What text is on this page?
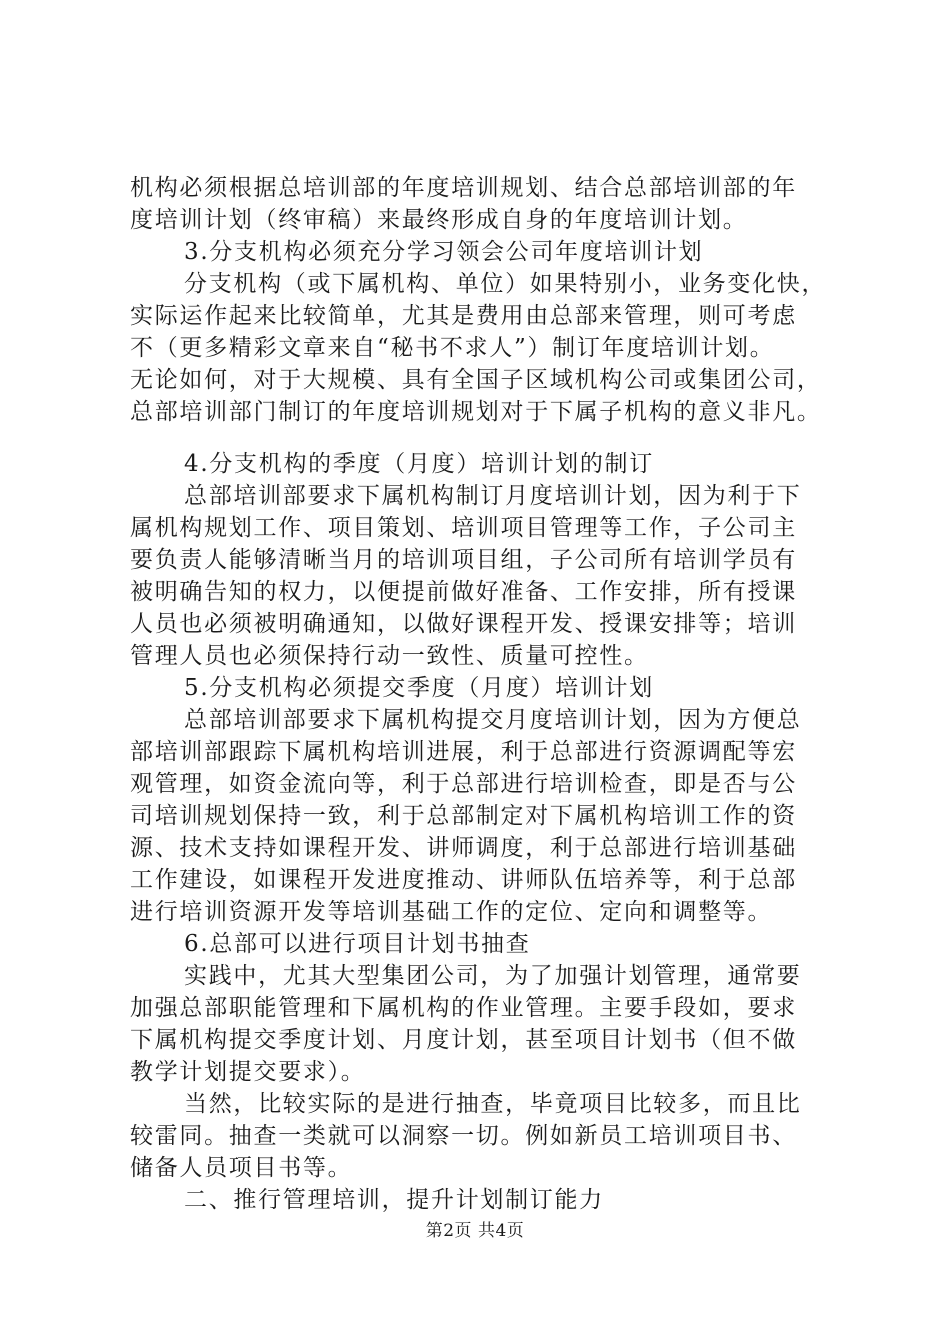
机构必须根据总培训部的年度培训规划、结合总部培训部的年
度培训计划（终审稿）来最终形成自身的年度培训计划。
3.分支机构必须充分学习领会公司年度培训计划
分支机构（或下属机构、单位）如果特别小，业务变化快，
实际运作起来比较简单，尤其是费用由总部来管理，则可考虑
不（更多精彩文章来自“秘书不求人”）制订年度培训计划。
无论如何，对于大规模、具有全国子区域机构公司或集团公司，
总部培训部门制订的年度培训规划对于下属子机构的意义非凡。
4.分支机构的季度（月度）培训计划的制订
总部培训部要求下属机构制订月度培训计划，因为利于下
属机构规划工作、项目策划、培训项目管理等工作，子公司主
要负责人能够清晰当月的培训项目组，子公司所有培训学员有
被明确告知的权力，以便提前做好准备、工作安排，所有授课
人员也必须被明确通知，以做好课程开发、授课安排等；培训
管理人员也必须保持行动一致性、质量可控性。
5.分支机构必须提交季度（月度）培训计划
总部培训部要求下属机构提交月度培训计划，因为方便总
部培训部跟踪下属机构培训进展，利于总部进行资源调配等宏
观管理，如资金流向等，利于总部进行培训检查，即是否与公
司培训规划保持一致，利于总部制定对下属机构培训工作的资
源、技术支持如课程开发、讲师调度，利于总部进行培训基础
工作建设，如课程开发进度推动、讲师队伍培养等，利于总部
进行培训资源开发等培训基础工作的定位、定向和调整等。
6.总部可以进行项目计划书抽查
实践中，尤其大型集团公司，为了加强计划管理，通常要
加强总部职能管理和下属机构的作业管理。主要手段如，要求
下属机构提交季度计划、月度计划，甚至项目计划书（但不做
教学计划提交要求）。
当然，比较实际的是进行抽查，毕竟项目比较多，而且比
较雷同。抽查一类就可以洞察一切。例如新员工培训项目书、
储备人员项目书等。
二、推行管理培训，提升计划制订能力
第2页 共4页
